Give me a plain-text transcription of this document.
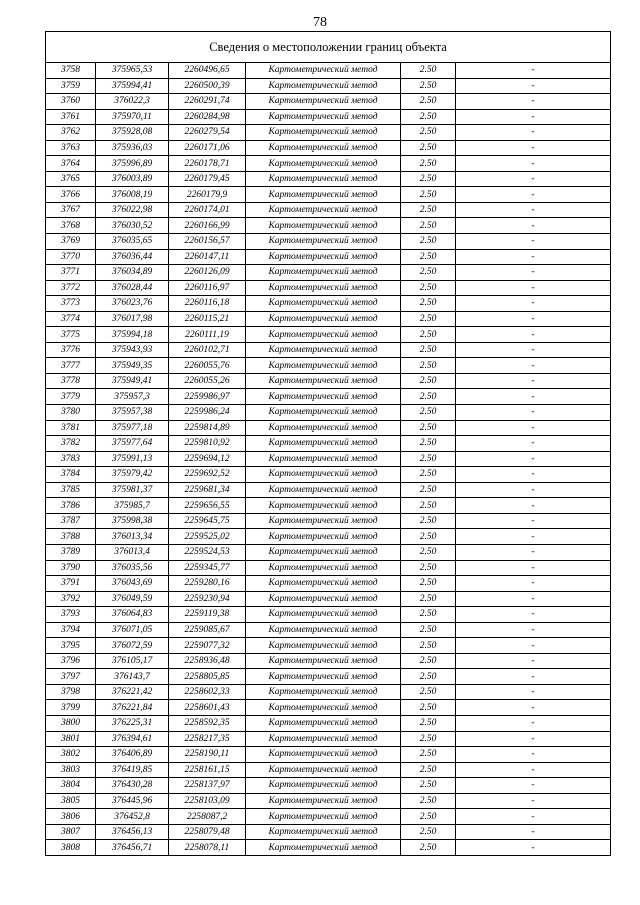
78
Сведения о местоположении границ объекта					
3758	375965,53	2260496,65	Картометрический метод	2.50	-
3759	375994,41	2260500,39	Картометрический метод	2.50	-
3760	376022,3	2260291,74	Картометрический метод	2.50	-
3761	375970,11	2260284,98	Картометрический метод	2.50	-
3762	375928,08	2260279,54	Картометрический метод	2.50	-
3763	375936,03	2260171,06	Картометрический метод	2.50	-
3764	375996,89	2260178,71	Картометрический метод	2.50	-
3765	376003,89	2260179,45	Картометрический метод	2.50	-
3766	376008,19	2260179,9	Картометрический метод	2.50	-
3767	376022,98	2260174,01	Картометрический метод	2.50	-
3768	376030,52	2260166,99	Картометрический метод	2.50	-
3769	376035,65	2260156,57	Картометрический метод	2.50	-
3770	376036,44	2260147,11	Картометрический метод	2.50	-
3771	376034,89	2260126,09	Картометрический метод	2.50	-
3772	376028,44	2260116,97	Картометрический метод	2.50	-
3773	376023,76	2260116,18	Картометрический метод	2.50	-
3774	376017,98	2260115,21	Картометрический метод	2.50	-
3775	375994,18	2260111,19	Картометрический метод	2.50	-
3776	375943,93	2260102,71	Картометрический метод	2.50	-
3777	375949,35	2260055,76	Картометрический метод	2.50	-
3778	375949,41	2260055,26	Картометрический метод	2.50	-
3779	375957,3	2259986,97	Картометрический метод	2.50	-
3780	375957,38	2259986,24	Картометрический метод	2.50	-
3781	375977,18	2259814,89	Картометрический метод	2.50	-
3782	375977,64	2259810,92	Картометрический метод	2.50	-
3783	375991,13	2259694,12	Картометрический метод	2.50	-
3784	375979,42	2259692,52	Картометрический метод	2.50	-
3785	375981,37	2259681,34	Картометрический метод	2.50	-
3786	375985,7	2259656,55	Картометрический метод	2.50	-
3787	375998,38	2259645,75	Картометрический метод	2.50	-
3788	376013,34	2259525,02	Картометрический метод	2.50	-
3789	376013,4	2259524,53	Картометрический метод	2.50	-
3790	376035,56	2259345,77	Картометрический метод	2.50	-
3791	376043,69	2259280,16	Картометрический метод	2.50	-
3792	376049,59	2259230,94	Картометрический метод	2.50	-
3793	376064,83	2259119,38	Картометрический метод	2.50	-
3794	376071,05	2259085,67	Картометрический метод	2.50	-
3795	376072,59	2259077,32	Картометрический метод	2.50	-
3796	376105,17	2258936,48	Картометрический метод	2.50	-
3797	376143,7	2258805,85	Картометрический метод	2.50	-
3798	376221,42	2258602,33	Картометрический метод	2.50	-
3799	376221,84	2258601,43	Картометрический метод	2.50	-
3800	376225,31	2258592,35	Картометрический метод	2.50	-
3801	376394,61	2258217,35	Картометрический метод	2.50	-
3802	376406,89	2258190,11	Картометрический метод	2.50	-
3803	376419,85	2258161,15	Картометрический метод	2.50	-
3804	376430,28	2258137,97	Картометрический метод	2.50	-
3805	376445,96	2258103,09	Картометрический метод	2.50	-
3806	376452,8	2258087,2	Картометрический метод	2.50	-
3807	376456,13	2258079,48	Картометрический метод	2.50	-
3808	376456,71	2258078,11	Картометрический метод	2.50	-
